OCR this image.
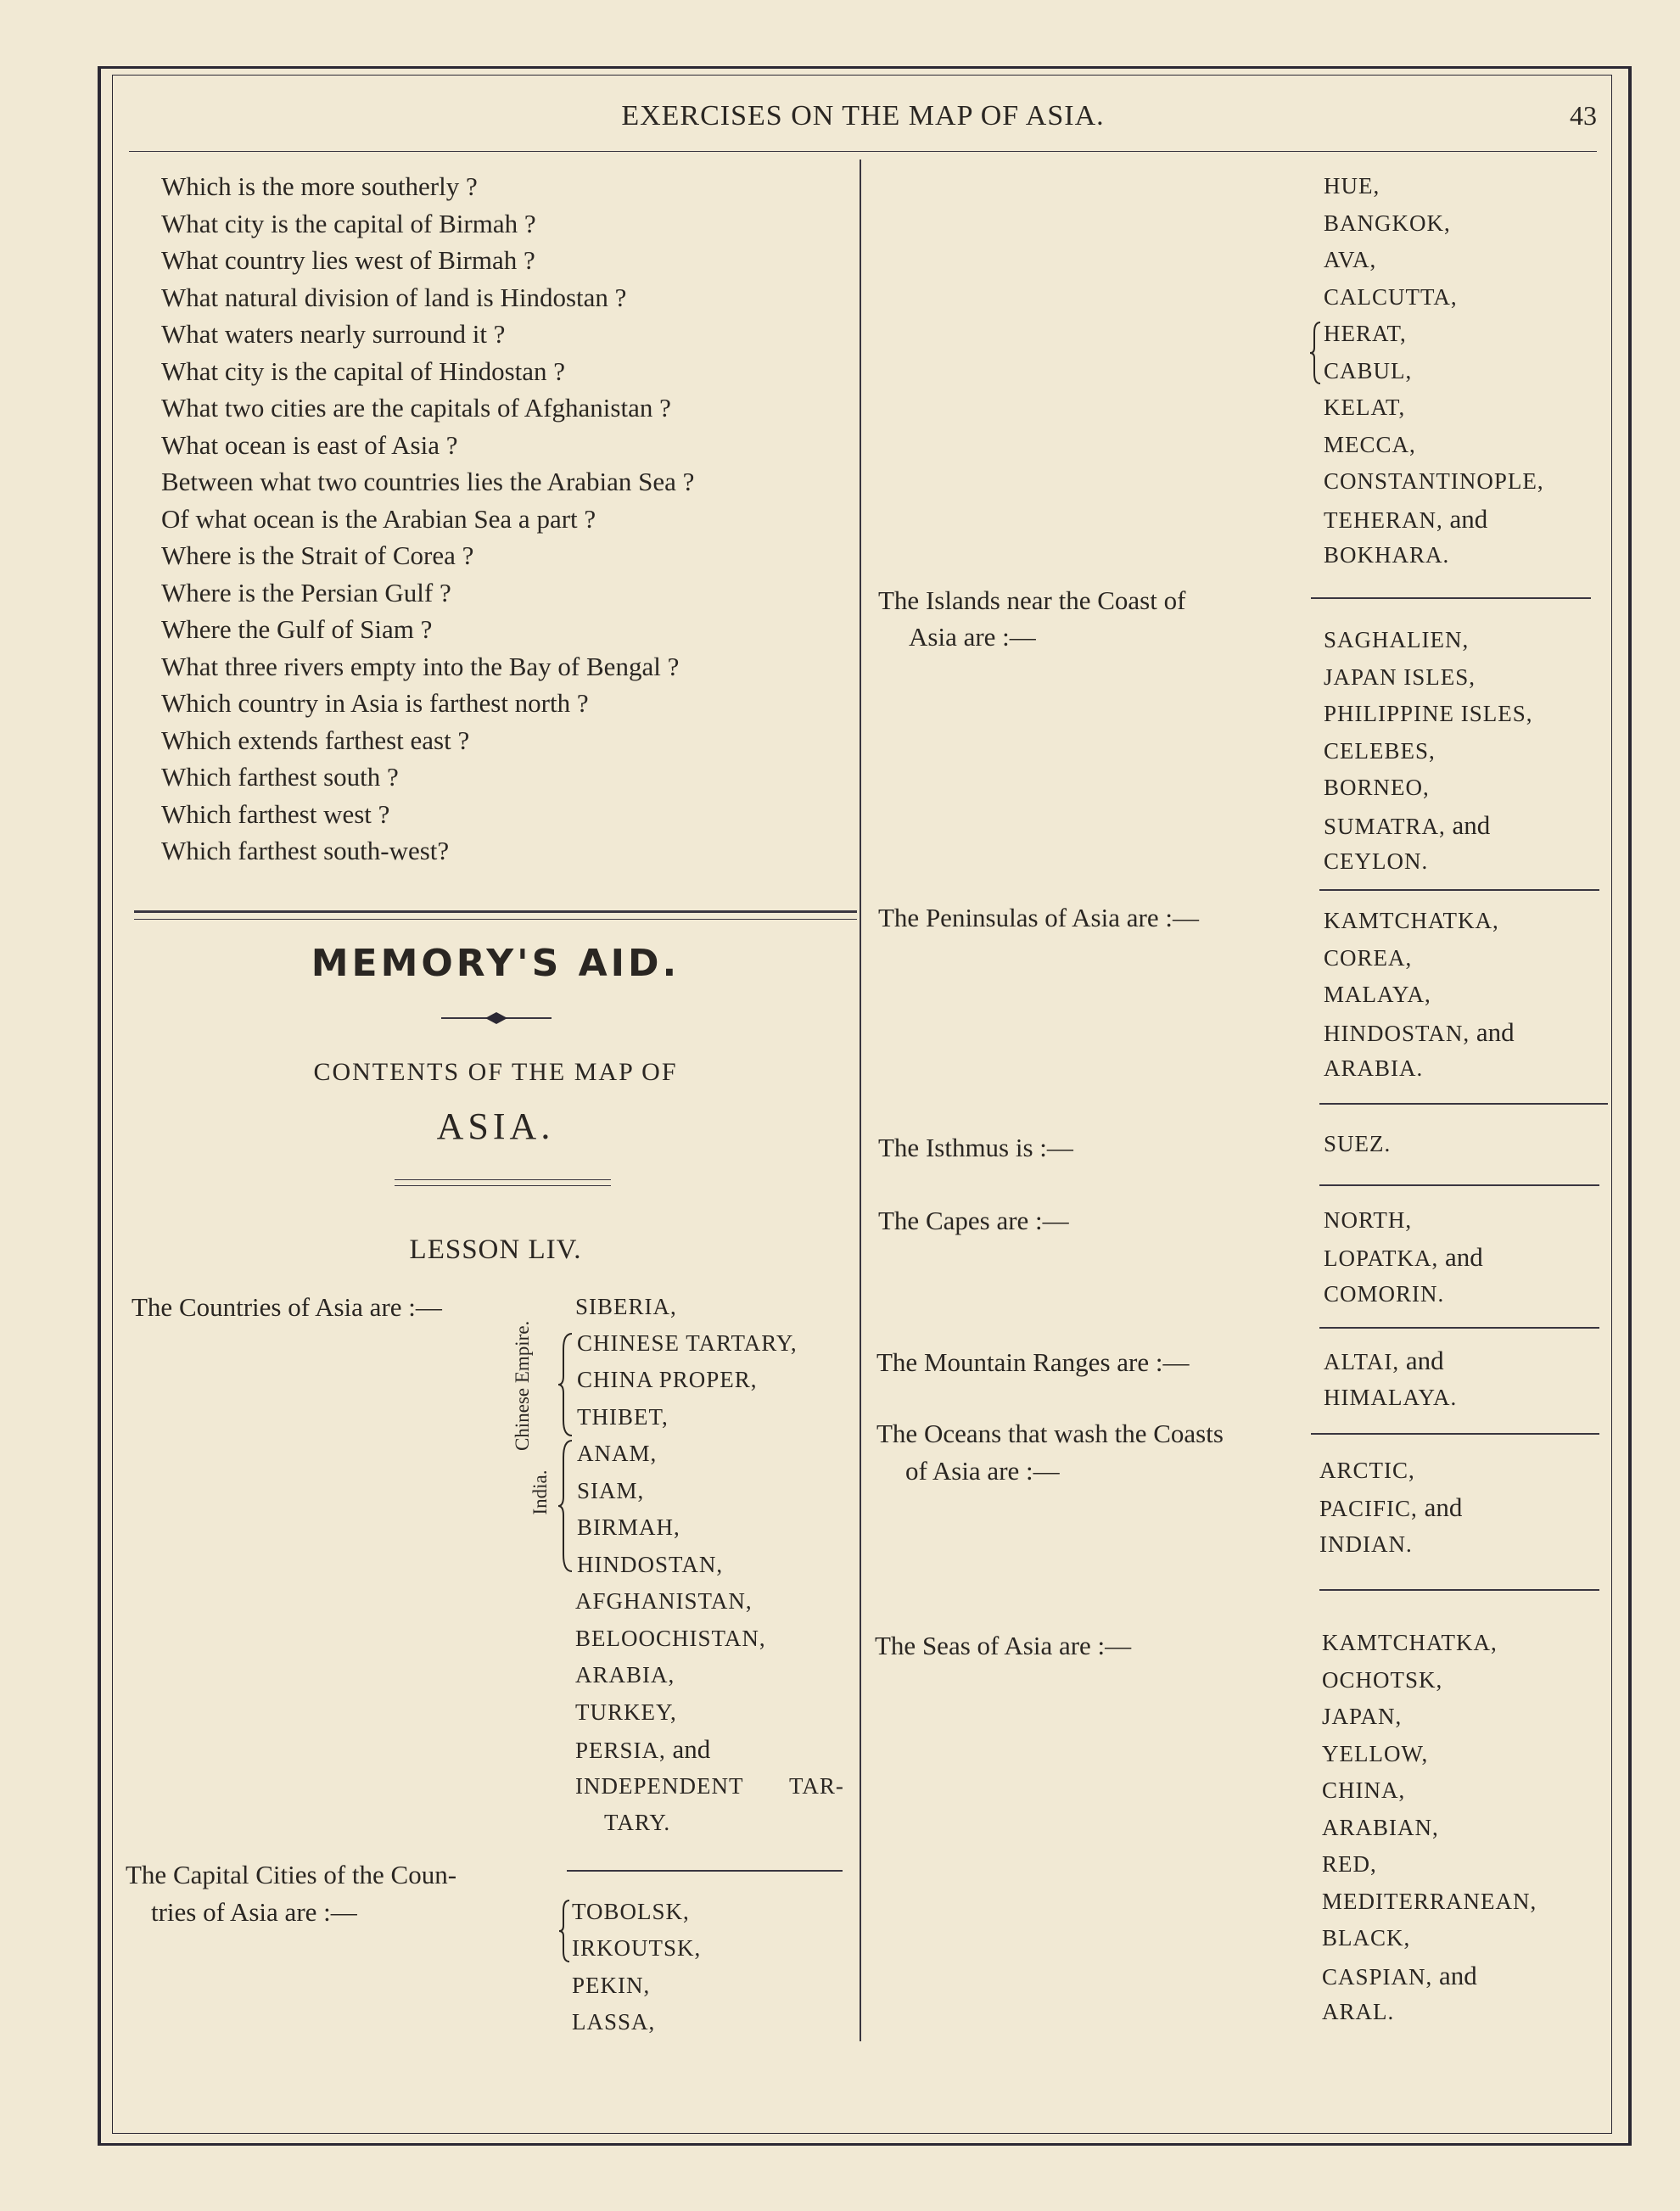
EXERCISES ON THE MAP OF ASIA.	43
Which is the more southerly ?
What city is the capital of Birmah ?
What country lies west of Birmah ?
What natural division of land is Hindostan ?
What waters nearly surround it ?
What city is the capital of Hindostan ?
What two cities are the capitals of Afghanistan ?
What ocean is east of Asia ?
Between what two countries lies the Arabian Sea ?
Of what ocean is the Arabian Sea a part ?
Where is the Strait of Corea ?
Where is the Persian Gulf ?
Where the Gulf of Siam ?
What three rivers empty into the Bay of Bengal ?
Which country in Asia is farthest north ?
Which extends farthest east ?
Which farthest south ?
Which farthest west ?
Which farthest south-west?
MEMORY'S AID.
CONTENTS OF THE MAP OF
ASIA.
LESSON LIV.
The Countries of Asia are :—	SIBERIA,
Chinese Empire.	CHINESE TARTARY,
CHINA PROPER,
THIBET,
India.
ANAM,
SIAM,
BIRMAH,
HINDOSTAN,
AFGHANISTAN,
BELOOCHISTAN,
ARABIA,
TURKEY,
PERSIA, and
INDEPENDENT TAR-
TARY.
The Capital Cities of the Coun-
tries of Asia are :—	TOBOLSK,
IRKOUTSK,
PEKIN,
LASSA,
HUE,
BANGKOK,
AVA,
CALCUTTA,
HERAT,
CABUL,
KELAT,
MECCA,
CONSTANTINOPLE,
TEHERAN, and
BOKHARA.
The Islands near the Coast of
Asia are :—	SAGHALIEN,
JAPAN ISLES,
PHILIPPINE ISLES,
CELEBES,
BORNEO,
SUMATRA, and
CEYLON.
The Peninsulas of Asia are :—	KAMTCHATKA,
COREA,
MALAYA,
HINDOSTAN, and
ARABIA.
The Isthmus is :—	SUEZ.
The Capes are :—	NORTH,
LOPATKA, and
COMORIN.
The Mountain Ranges are :—	ALTAI, and
HIMALAYA.
The Oceans that wash the Coasts
of Asia are :—	ARCTIC,
PACIFIC, and
INDIAN.
The Seas of Asia are :—	KAMTCHATKA,
OCHOTSK,
JAPAN,
YELLOW,
CHINA,
ARABIAN,
RED,
MEDITERRANEAN,
BLACK,
CASPIAN, and
ARAL.
